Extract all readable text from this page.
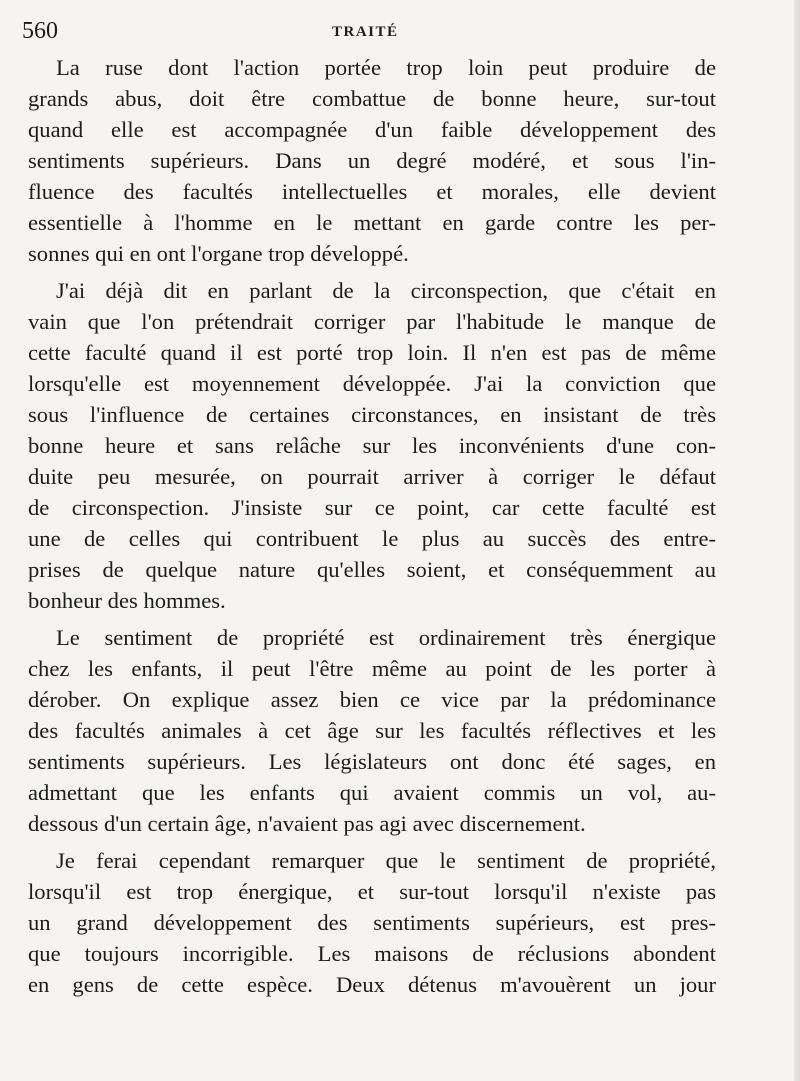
560	TRAITÉ

La ruse dont l'action portée trop loin peut produire de
grands abus, doit être combattue de bonne heure, sur-tout
quand elle est accompagnée d'un faible développement des
sentiments supérieurs. Dans un degré modéré, et sous l'in-
fluence des facultés intellectuelles et morales, elle devient
essentielle à l'homme en le mettant en garde contre les per-
sonnes qui en ont l'organe trop développé.

J'ai déjà dit en parlant de la circonspection, que c'était en
vain que l'on prétendrait corriger par l'habitude le manque de
cette faculté quand il est porté trop loin. Il n'en est pas de même
lorsqu'elle est moyennement développée. J'ai la conviction que
sous l'influence de certaines circonstances, en insistant de très
bonne heure et sans relâche sur les inconvénients d'une con-
duite peu mesurée, on pourrait arriver à corriger le défaut
de circonspection. J'insiste sur ce point, car cette faculté est
une de celles qui contribuent le plus au succès des entre-
prises de quelque nature qu'elles soient, et conséquemment au
bonheur des hommes.

Le sentiment de propriété est ordinairement très énergique
chez les enfants, il peut l'être même au point de les porter à
dérober. On explique assez bien ce vice par la prédominance
des facultés animales à cet âge sur les facultés réflectives et les
sentiments supérieurs. Les législateurs ont donc été sages, en
admettant que les enfants qui avaient commis un vol, au-
dessous d'un certain âge, n'avaient pas agi avec discernement.

Je ferai cependant remarquer que le sentiment de propriété,
lorsqu'il est trop énergique, et sur-tout lorsqu'il n'existe pas
un grand développement des sentiments supérieurs, est pres-
que toujours incorrigible. Les maisons de réclusions abondent
en gens de cette espèce. Deux détenus m'avouèrent un jour
